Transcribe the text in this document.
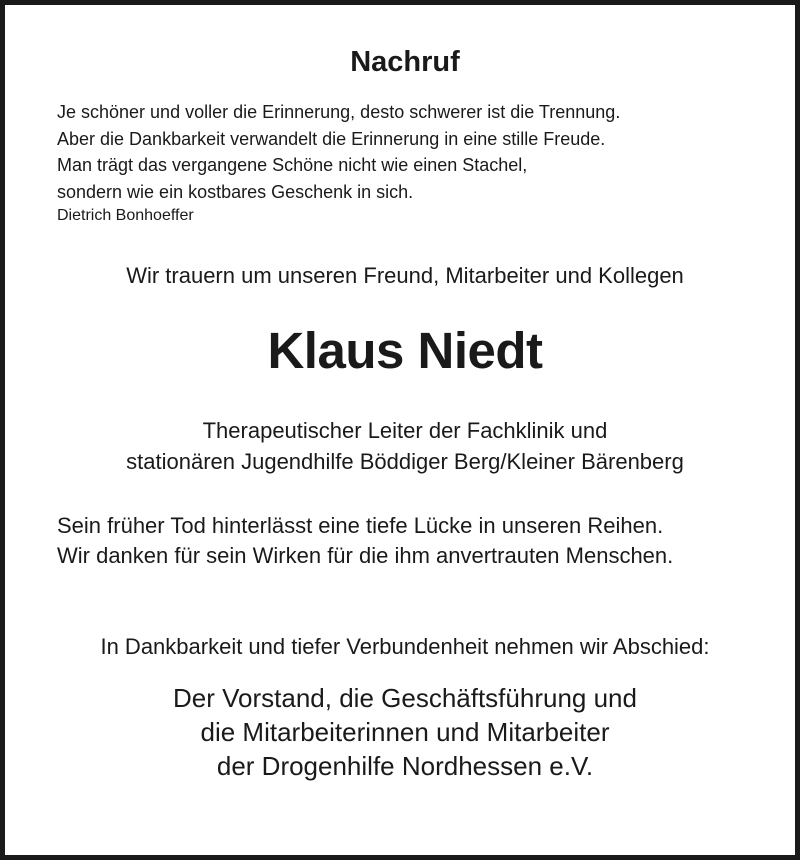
Nachruf
Je schöner und voller die Erinnerung, desto schwerer ist die Trennung.
Aber die Dankbarkeit verwandelt die Erinnerung in eine stille Freude.
Man trägt das vergangene Schöne nicht wie einen Stachel,
sondern wie ein kostbares Geschenk in sich.
Dietrich Bonhoeffer
Wir trauern um unseren Freund, Mitarbeiter und Kollegen
Klaus Niedt
Therapeutischer Leiter der Fachklinik und
stationären Jugendhilfe Böddiger Berg/Kleiner Bärenberg
Sein früher Tod hinterlässt eine tiefe Lücke in unseren Reihen.
Wir danken für sein Wirken für die ihm anvertrauten Menschen.
In Dankbarkeit und tiefer Verbundenheit nehmen wir Abschied:
Der Vorstand, die Geschäftsführung und
die Mitarbeiterinnen und Mitarbeiter
der Drogenhilfe Nordhessen e.V.
